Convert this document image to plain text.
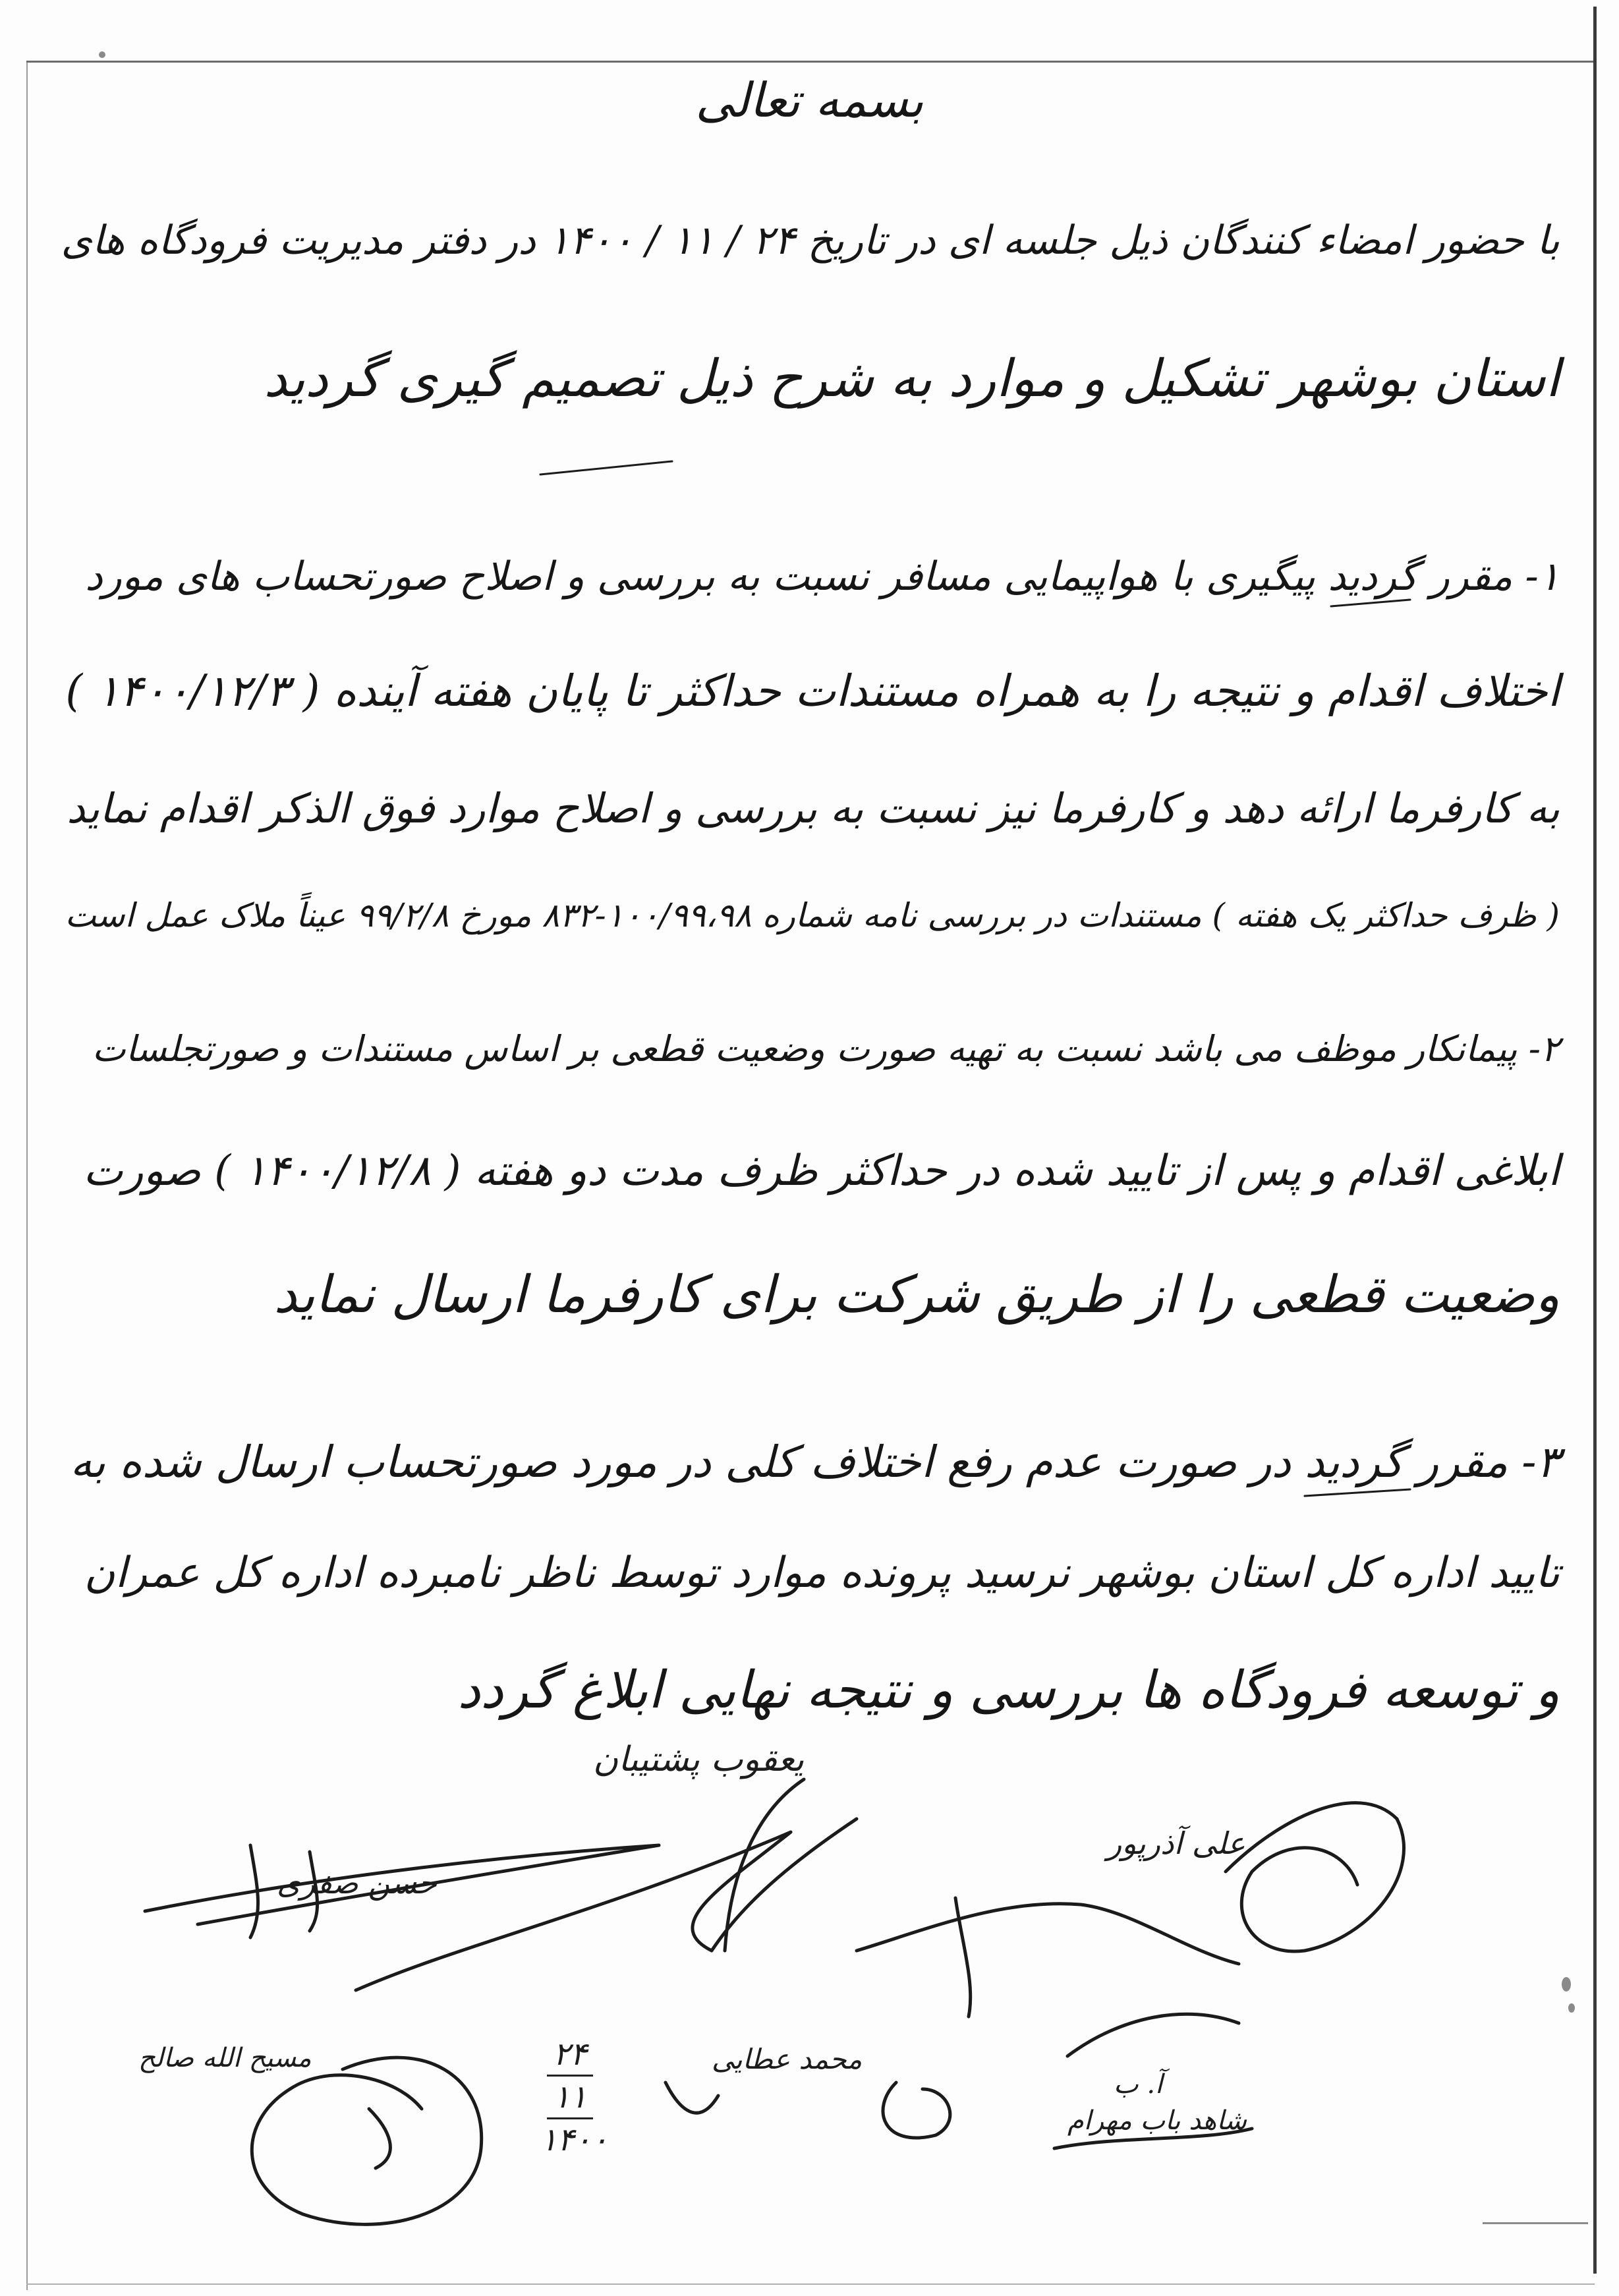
بسمه تعالی
با حضور امضاء کنندگان ذیل جلسه ای در تاریخ ۲۴ / ۱۱ / ۱۴۰۰ در دفتر مدیریت فرودگاه های
استان بوشهر تشکیل و موارد به شرح ذیل تصمیم گیری گردید
۱- مقرر گردید پیگیری با هواپیمایی مسافر نسبت به بررسی و اصلاح صورتحساب های مورد
اختلاف اقدام و نتیجه را به همراه مستندات حداکثر تا پایان هفته آینده ( ۱۴۰۰/۱۲/۳ )
به کارفرما ارائه دهد و کارفرما نیز نسبت به بررسی و اصلاح موارد فوق الذکر اقدام نماید
( ظرف حداکثر یک هفته ) مستندات در بررسی نامه شماره ۱۰۰/۹۹،۹۸-۸۳۲ مورخ ۹۹/۲/۸ عیناً ملاک عمل است
۲- پیمانکار موظف می باشد نسبت به تهیه صورت وضعیت قطعی بر اساس مستندات و صورتجلسات
ابلاغی اقدام و پس از تایید شده در حداکثر ظرف مدت دو هفته ( ۱۴۰۰/۱۲/۸ ) صورت
وضعیت قطعی را از طریق شرکت برای کارفرما ارسال نماید
۳- مقرر گردید در صورت عدم رفع اختلاف کلی در مورد صورتحساب ارسال شده به
تایید اداره کل استان بوشهر نرسید پرونده موارد توسط ناظر نامبرده اداره کل عمران
و توسعه فرودگاه ها بررسی و نتیجه نهایی ابلاغ گردد
یعقوب پشتیبان
علی آذرپور
حسن صفری
مسیح الله صالح	محمد عطایی
آ. ب
شاهد باب مهرام
۲۴
۱۱
۱۴۰۰
